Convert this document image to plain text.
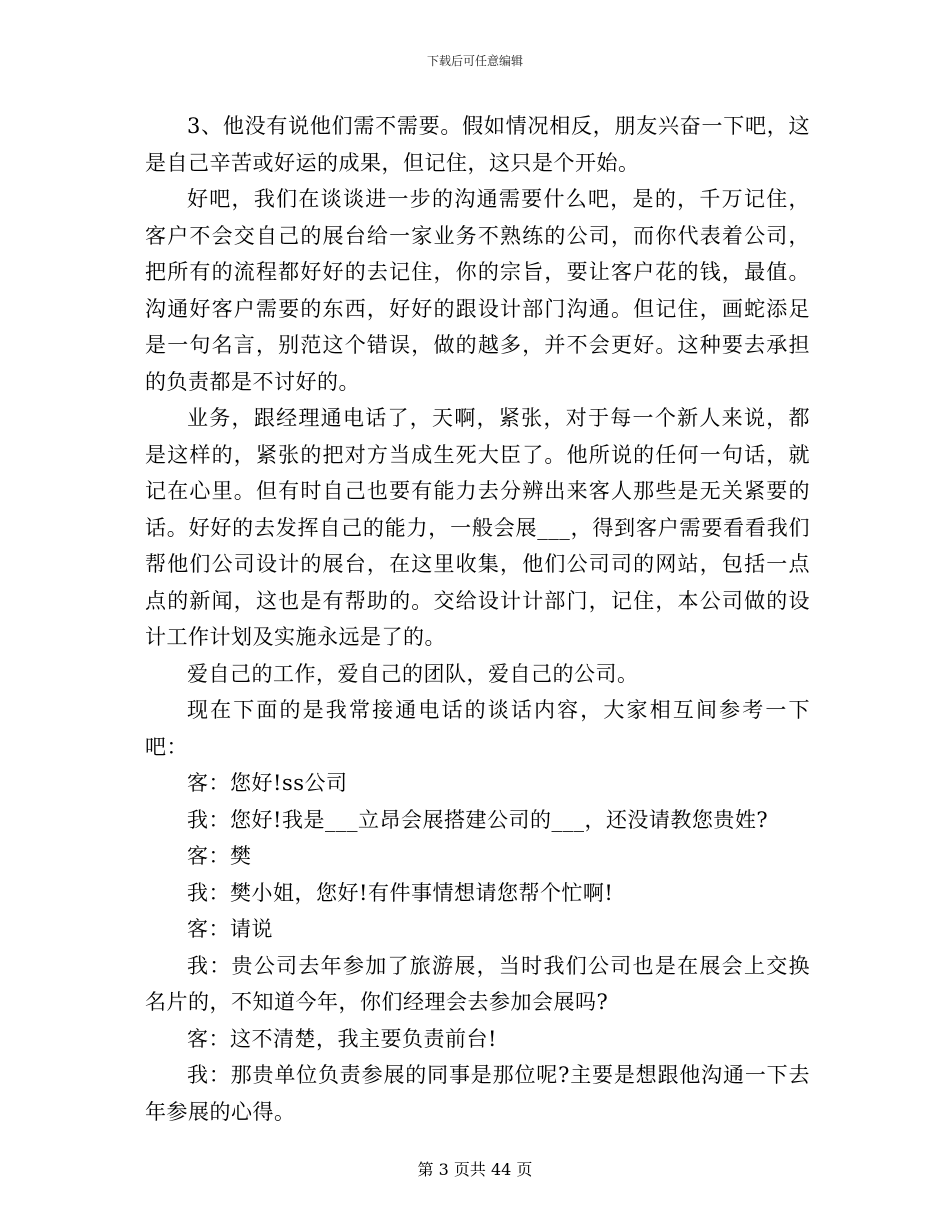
下载后可任意编辑

3、他没有说他们需不需要。假如情况相反，朋友兴奋一下吧，这是自己辛苦或好运的成果，但记住，这只是个开始。

好吧，我们在谈谈进一步的沟通需要什么吧，是的，千万记住，客户不会交自己的展台给一家业务不熟练的公司，而你代表着公司，把所有的流程都好好的去记住，你的宗旨，要让客户花的钱，最值。沟通好客户需要的东西，好好的跟设计部门沟通。但记住，画蛇添足是一句名言，别范这个错误，做的越多，并不会更好。这种要去承担的负责都是不讨好的。

业务，跟经理通电话了，天啊，紧张，对于每一个新人来说，都是这样的，紧张的把对方当成生死大臣了。他所说的任何一句话，就记在心里。但有时自己也要有能力去分辨出来客人那些是无关紧要的话。好好的去发挥自己的能力，一般会展___，得到客户需要看看我们帮他们公司设计的展台，在这里收集，他们公司司的网站，包括一点点的新闻，这也是有帮助的。交给设计计部门，记住，本公司做的设计工作计划及实施永远是了的。

爱自己的工作，爱自己的团队，爱自己的公司。

现在下面的是我常接通电话的谈话内容，大家相互间参考一下吧：

客：您好!ss公司

我：您好!我是___立昂会展搭建公司的___，还没请教您贵姓?

客：樊

我：樊小姐，您好!有件事情想请您帮个忙啊!

客：请说

我：贵公司去年参加了旅游展，当时我们公司也是在展会上交换名片的，不知道今年，你们经理会去参加会展吗?

客：这不清楚，我主要负责前台!

我：那贵单位负责参展的同事是那位呢?主要是想跟他沟通一下去年参展的心得。

第 3 页共 44 页
